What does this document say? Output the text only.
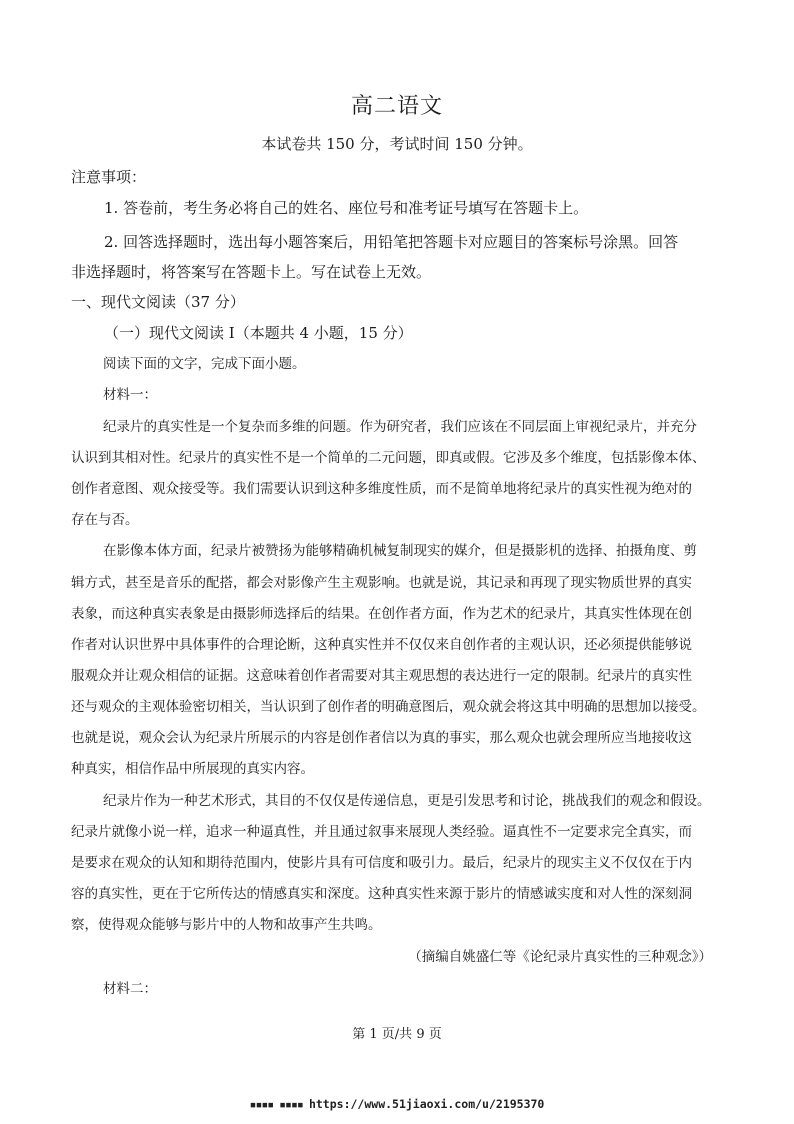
高二语文
本试卷共 150 分，考试时间 150 分钟。
注意事项：
1. 答卷前，考生务必将自己的姓名、座位号和准考证号填写在答题卡上。
2. 回答选择题时，选出每小题答案后，用铅笔把答题卡对应题目的答案标号涂黑。回答
非选择题时，将答案写在答题卡上。写在试卷上无效。
一、现代文阅读（37 分）
（一）现代文阅读 I（本题共 4 小题，15 分）
阅读下面的文字，完成下面小题。
材料一：
纪录片的真实性是一个复杂而多维的问题。作为研究者，我们应该在不同层面上审视纪录片，并充分
认识到其相对性。纪录片的真实性不是一个简单的二元问题，即真或假。它涉及多个维度，包括影像本体、
创作者意图、观众接受等。我们需要认识到这种多维度性质，而不是简单地将纪录片的真实性视为绝对的
存在与否。
在影像本体方面，纪录片被赞扬为能够精确机械复制现实的媒介，但是摄影机的选择、拍摄角度、剪
辑方式，甚至是音乐的配搭，都会对影像产生主观影响。也就是说，其记录和再现了现实物质世界的真实
表象，而这种真实表象是由摄影师选择后的结果。在创作者方面，作为艺术的纪录片，其真实性体现在创
作者对认识世界中具体事件的合理论断，这种真实性并不仅仅来自创作者的主观认识，还必须提供能够说
服观众并让观众相信的证据。这意味着创作者需要对其主观思想的表达进行一定的限制。纪录片的真实性
还与观众的主观体验密切相关，当认识到了创作者的明确意图后，观众就会将这其中明确的思想加以接受。
也就是说，观众会认为纪录片所展示的内容是创作者信以为真的事实，那么观众也就会理所应当地接收这
种真实，相信作品中所展现的真实内容。
纪录片作为一种艺术形式，其目的不仅仅是传递信息，更是引发思考和讨论，挑战我们的观念和假设。
纪录片就像小说一样，追求一种逼真性，并且通过叙事来展现人类经验。逼真性不一定要求完全真实，而
是要求在观众的认知和期待范围内，使影片具有可信度和吸引力。最后，纪录片的现实主义不仅仅在于内
容的真实性，更在于它所传达的情感真实和深度。这种真实性来源于影片的情感诚实度和对人性的深刻洞
察，使得观众能够与影片中的人物和故事产生共鸣。
（摘编自姚盛仁等《论纪录片真实性的三种观念》）
材料二：
第 1 页/共 9 页
▪▪▪▪ ▪▪▪▪ https://www.51jiaoxi.com/u/2195370
